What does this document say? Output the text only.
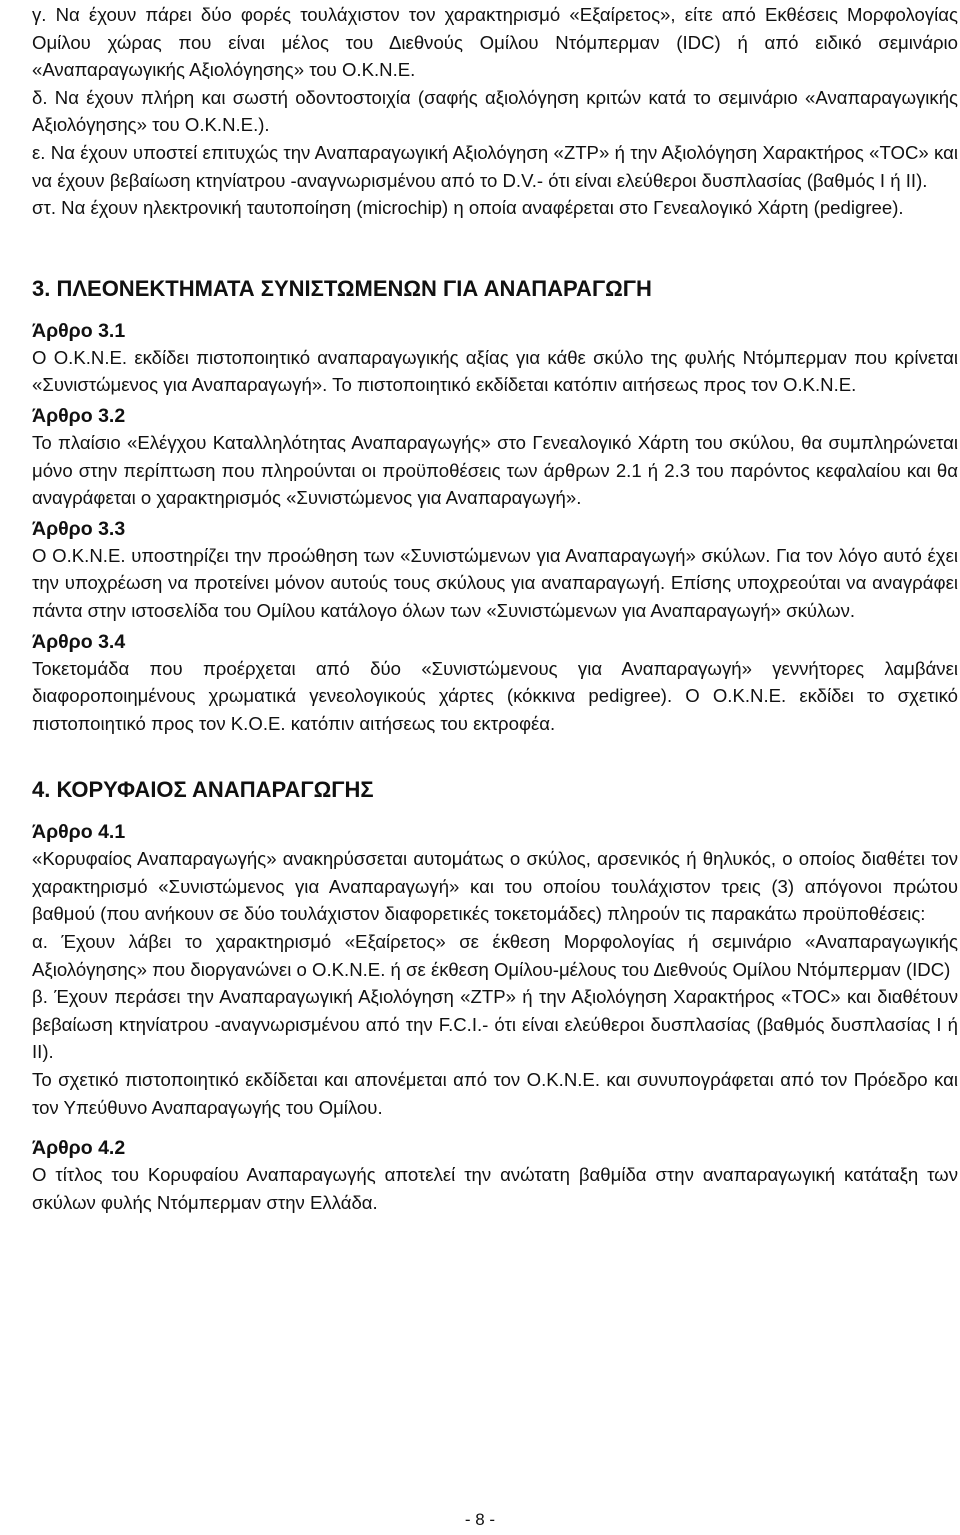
γ. Να έχουν πάρει δύο φορές τουλάχιστον τον χαρακτηρισμό «Εξαίρετος», είτε από Εκθέσεις Μορφολογίας Ομίλου χώρας που είναι μέλος του Διεθνούς Ομίλου Ντόμπερμαν (IDC) ή από ειδικό σεμινάριο «Αναπαραγωγικής Αξιολόγησης» του Ο.Κ.Ν.Ε.

δ. Να έχουν πλήρη και σωστή οδοντοστοιχία (σαφής αξιολόγηση κριτών κατά το σεμινάριο «Αναπαραγωγικής Αξιολόγησης» του Ο.Κ.Ν.Ε.).

ε. Να έχουν υποστεί επιτυχώς την Αναπαραγωγική Αξιολόγηση «ZTP» ή την Αξιολόγηση Χαρακτήρος «TOC» και να έχουν βεβαίωση κτηνίατρου -αναγνωρισμένου από το D.V.- ότι είναι ελεύθεροι δυσπλασίας (βαθμός Ι ή ΙΙ).

στ. Να έχουν ηλεκτρονική ταυτοποίηση (microchip) η οποία αναφέρεται στο Γενεαλογικό Χάρτη (pedigree).

3. ΠΛΕΟΝΕΚΤΗΜΑΤΑ ΣΥΝΙΣΤΩΜΕΝΩΝ ΓΙΑ ΑΝΑΠΑΡΑΓΩΓΗ
Άρθρο 3.1

Ο Ο.Κ.Ν.Ε. εκδίδει πιστοποιητικό αναπαραγωγικής αξίας για κάθε σκύλο της φυλής Ντόμπερμαν που κρίνεται «Συνιστώμενος για Αναπαραγωγή». Το πιστοποιητικό εκδίδεται κατόπιν αιτήσεως προς τον Ο.Κ.Ν.Ε.

Άρθρο 3.2

Το πλαίσιο «Ελέγχου Καταλληλότητας Αναπαραγωγής» στο Γενεαλογικό Χάρτη του σκύλου, θα συμπληρώνεται μόνο στην περίπτωση που πληρούνται οι προϋποθέσεις των άρθρων 2.1 ή 2.3 του παρόντος κεφαλαίου και θα αναγράφεται ο χαρακτηρισμός «Συνιστώμενος για Αναπαραγωγή».

Άρθρο 3.3

Ο Ο.Κ.Ν.Ε. υποστηρίζει την προώθηση των «Συνιστώμενων για Αναπαραγωγή» σκύλων. Για τον λόγο αυτό έχει την υποχρέωση να προτείνει μόνον αυτούς τους σκύλους για αναπαραγωγή. Επίσης υποχρεούται να αναγράφει πάντα στην ιστοσελίδα του Ομίλου κατάλογο όλων των «Συνιστώμενων για Αναπαραγωγή» σκύλων.

Άρθρο 3.4

Τοκετομάδα που προέρχεται από δύο «Συνιστώμενους για Αναπαραγωγή» γεννήτορες λαμβάνει διαφοροποιημένους χρωματικά γενεολογικούς χάρτες (κόκκινα pedigree). Ο Ο.Κ.Ν.Ε. εκδίδει το σχετικό πιστοποιητικό προς τον Κ.Ο.Ε. κατόπιν αιτήσεως του εκτροφέα.

4. ΚΟΡΥΦΑΙΟΣ ΑΝΑΠΑΡΑΓΩΓΗΣ
Άρθρο 4.1

«Κορυφαίος Αναπαραγωγής» ανακηρύσσεται αυτομάτως ο σκύλος, αρσενικός ή θηλυκός, ο οποίος διαθέτει τον χαρακτηρισμό «Συνιστώμενος για Αναπαραγωγή» και του οποίου τουλάχιστον τρεις (3) απόγονοι πρώτου βαθμού (που ανήκουν σε δύο τουλάχιστον διαφορετικές τοκετομάδες) πληρούν τις παρακάτω προϋποθέσεις:

α. Έχουν λάβει το χαρακτηρισμό «Εξαίρετος» σε έκθεση Μορφολογίας ή σεμινάριο «Αναπαραγωγικής Αξιολόγησης» που διοργανώνει ο Ο.Κ.Ν.Ε. ή σε έκθεση Ομίλου-μέλους του Διεθνούς Ομίλου Ντόμπερμαν (IDC)

β. Έχουν περάσει την Αναπαραγωγική Αξιολόγηση «ZTP» ή την Αξιολόγηση Χαρακτήρος «TOC» και διαθέτουν βεβαίωση κτηνίατρου -αναγνωρισμένου από την F.C.I.- ότι είναι ελεύθεροι δυσπλασίας (βαθμός δυσπλασίας Ι ή ΙΙ).

Το σχετικό πιστοποιητικό εκδίδεται και απονέμεται από τον Ο.Κ.Ν.Ε. και συνυπογράφεται από τον Πρόεδρο και τον Υπεύθυνο Αναπαραγωγής του Ομίλου.

Άρθρο 4.2

Ο τίτλος του Κορυφαίου Αναπαραγωγής αποτελεί την ανώτατη βαθμίδα στην αναπαραγωγική κατάταξη των σκύλων φυλής Ντόμπερμαν στην Ελλάδα.

- 8 -
